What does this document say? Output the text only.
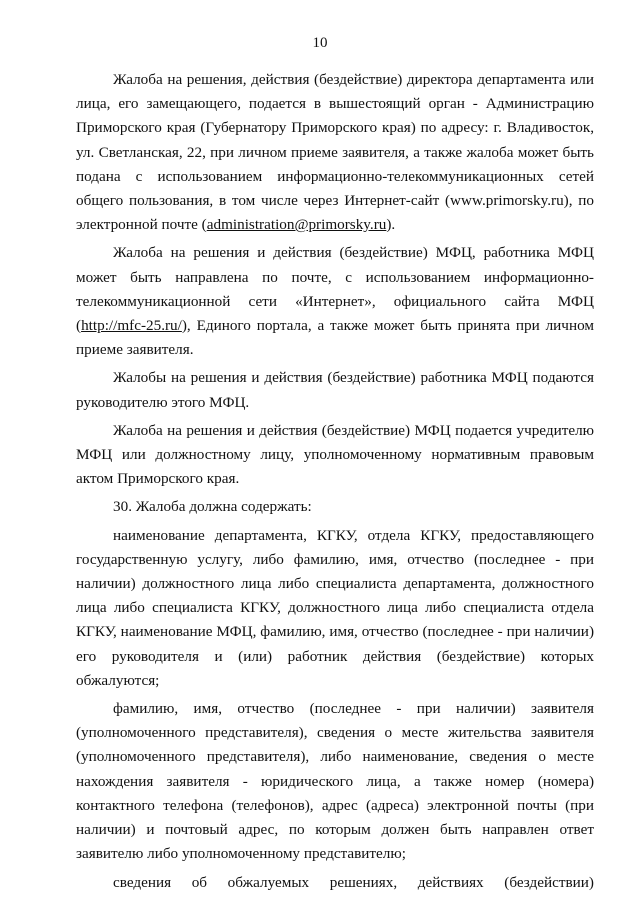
10

Жалоба на решения, действия (бездействие) директора департамента или лица, его замещающего, подается в вышестоящий орган - Администрацию Приморского края (Губернатору Приморского края) по адресу: г. Владивосток, ул. Светланская, 22, при личном приеме заявителя, а также жалоба может быть подана с использованием информационно-телекоммуникационных сетей общего пользования, в том числе через Интернет-сайт (www.primorsky.ru), по электронной почте (administration@primorsky.ru).

Жалоба на решения и действия (бездействие) МФЦ, работника МФЦ может быть направлена по почте, с использованием информационно-телекоммуникационной сети «Интернет», официального сайта МФЦ (http://mfc-25.ru/), Единого портала, а также может быть принята при личном приеме заявителя.

Жалобы на решения и действия (бездействие) работника МФЦ подаются руководителю этого МФЦ.

Жалоба на решения и действия (бездействие) МФЦ подается учредителю МФЦ или должностному лицу, уполномоченному нормативным правовым актом Приморского края.

30. Жалоба должна содержать:

наименование департамента, КГКУ, отдела КГКУ, предоставляющего государственную услугу, либо фамилию, имя, отчество (последнее - при наличии) должностного лица либо специалиста департамента, должностного лица либо специалиста КГКУ, должностного лица либо специалиста отдела КГКУ, наименование МФЦ, фамилию, имя, отчество (последнее - при наличии) его руководителя и (или) работник действия (бездействие) которых обжалуются;

фамилию, имя, отчество (последнее - при наличии) заявителя (уполномоченного представителя), сведения о месте жительства заявителя (уполномоченного представителя), либо наименование, сведения о месте нахождения заявителя - юридического лица, а также номер (номера) контактного телефона (телефонов), адрес (адреса) электронной почты (при наличии) и почтовый адрес, по которым должен быть направлен ответ заявителю либо уполномоченному представителю;

сведения об обжалуемых решениях, действиях (бездействии)
